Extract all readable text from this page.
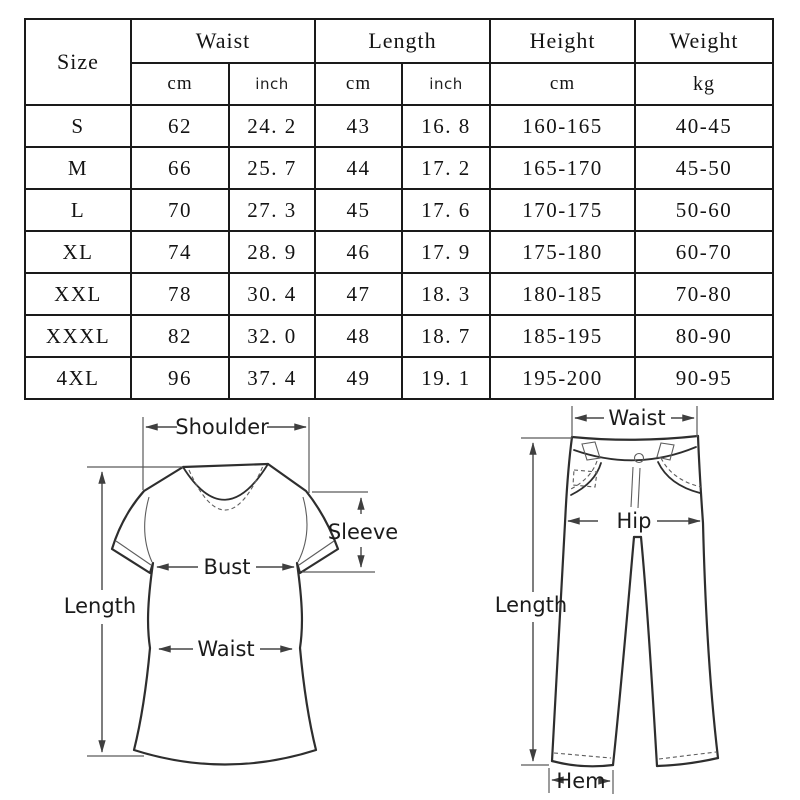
Size	Waist		Length		Height	Weight
	cm	inch	cm	inch	cm	kg
S	62	24. 2	43	16. 8	160-165	40-45
M	66	25. 7	44	17. 2	165-170	45-50
L	70	27. 3	45	17. 6	170-175	50-60
XL	74	28. 9	46	17. 9	175-180	60-70
XXL	78	30. 4	47	18. 3	180-185	70-80
XXXL	82	32. 0	48	18. 7	185-195	80-90
4XL	96	37. 4	49	19. 1	195-200	90-95
Shoulder
Length
Bust
Waist
Sleeve
Waist
Hip
Length
Hem
